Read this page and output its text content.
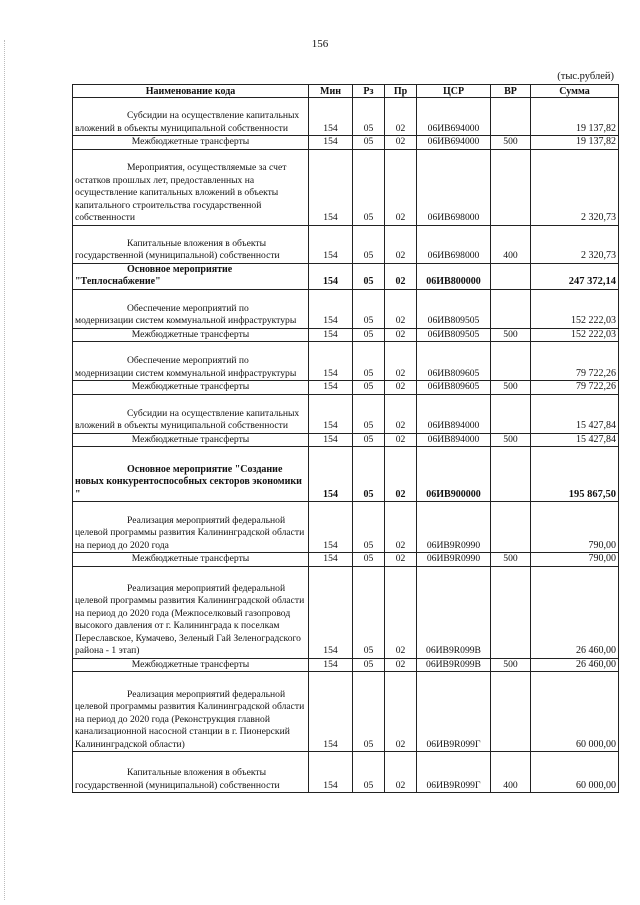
156
(тыс.рублей)
Наименование кода	Мин	Рз	Пр	ЦСР	ВР	Сумма
Субсидии на осуществление капитальных вложений в объекты муниципальной собственности	154	05	02	06ИВ694000		19 137,82
Межбюджетные трансферты	154	05	02	06ИВ694000	500	19 137,82
Мероприятия, осуществляемые за счет остатков прошлых лет, предоставленных на осуществление капитальных вложений в объекты капитального строительства государственной собственности	154	05	02	06ИВ698000		2 320,73
Капитальные вложения в объекты государственной (муниципальной) собственности	154	05	02	06ИВ698000	400	2 320,73
Основное мероприятие "Теплоснабжение"	154	05	02	06ИВ800000		247 372,14
Обеспечение мероприятий по модернизации систем коммунальной инфраструктуры	154	05	02	06ИВ809505		152 222,03
Межбюджетные трансферты	154	05	02	06ИВ809505	500	152 222,03
Обеспечение мероприятий по модернизации систем коммунальной инфраструктуры	154	05	02	06ИВ809605		79 722,26
Межбюджетные трансферты	154	05	02	06ИВ809605	500	79 722,26
Субсидии на осуществление капитальных вложений в объекты муниципальной собственности	154	05	02	06ИВ894000		15 427,84
Межбюджетные трансферты	154	05	02	06ИВ894000	500	15 427,84
Основное мероприятие "Создание новых конкурентоспособных секторов экономики "	154	05	02	06ИВ900000		195 867,50
Реализация мероприятий федеральной целевой программы развития Калининградской области на период до 2020 года	154	05	02	06ИВ9R0990		790,00
Межбюджетные трансферты	154	05	02	06ИВ9R0990	500	790,00
Реализация мероприятий федеральной целевой программы развития Калининградской области на период до 2020 года (Межпоселковый газопровод высокого давления от г. Калининграда к поселкам Переславское, Кумачево, Зеленый Гай Зеленоградского района - 1 этап)	154	05	02	06ИВ9R099В		26 460,00
Межбюджетные трансферты	154	05	02	06ИВ9R099В	500	26 460,00
Реализация мероприятий федеральной целевой программы развития Калининградской области на период до 2020 года (Реконструкция главной канализационной насосной станции в г. Пионерский Калининградской области)	154	05	02	06ИВ9R099Г		60 000,00
Капитальные вложения в объекты государственной (муниципальной) собственности	154	05	02	06ИВ9R099Г	400	60 000,00
